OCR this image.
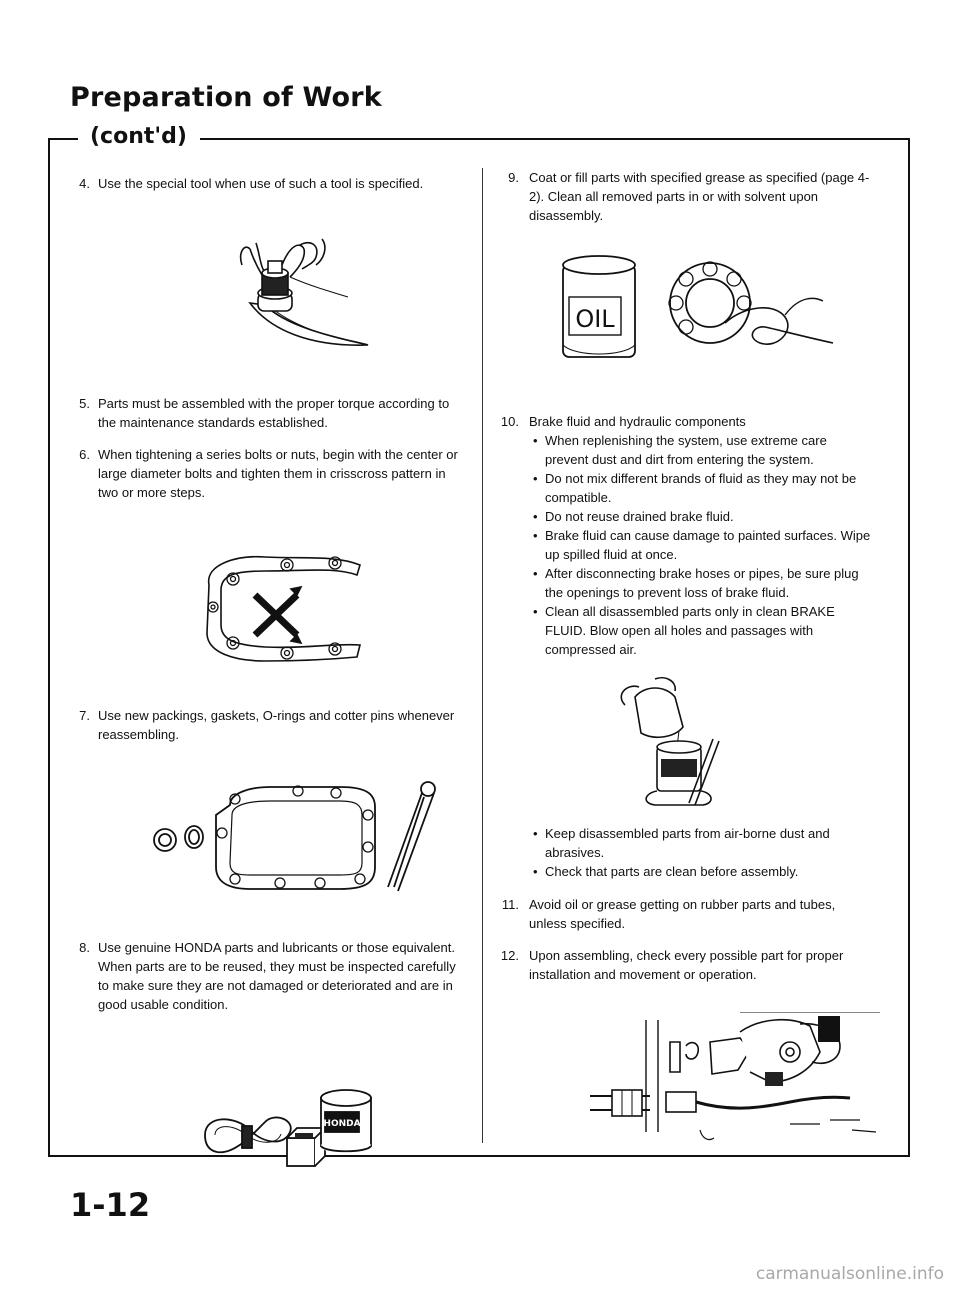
Preparation of Work
(cont'd)
4. Use the special tool when use of such a tool is specified.
5. Parts must be assembled with the proper torque according to the maintenance standards established.
6. When tightening a series bolts or nuts, begin with the center or large diameter bolts and tighten them in crisscross pattern in two or more steps.
7. Use new packings, gaskets, O-rings and cotter pins whenever reassembling.
8. Use genuine HONDA parts and lubricants or those equivalent. When parts are to be reused, they must be inspected carefully to make sure they are not damaged or deteriorated and are in good usable condition.
HONDA
9. Coat or fill parts with specified grease as specified (page 4-2). Clean all removed parts in or with solvent upon disassembly.
OIL
10. Brake fluid and hydraulic components
• When replenishing the system, use extreme care prevent dust and dirt from entering the system.
• Do not mix different brands of fluid as they may not be compatible.
• Do not reuse drained brake fluid.
• Brake fluid can cause damage to painted surfaces. Wipe up spilled fluid at once.
• After disconnecting brake hoses or pipes, be sure plug the openings to prevent loss of brake fluid.
• Clean all disassembled parts only in clean BRAKE FLUID. Blow open all holes and passages with compressed air.
• Keep disassembled parts from air-borne dust and abrasives.
• Check that parts are clean before assembly.
11. Avoid oil or grease getting on rubber parts and tubes, unless specified.
12. Upon assembling, check every possible part for proper installation and movement or operation.
1-12
carmanualsonline.info
